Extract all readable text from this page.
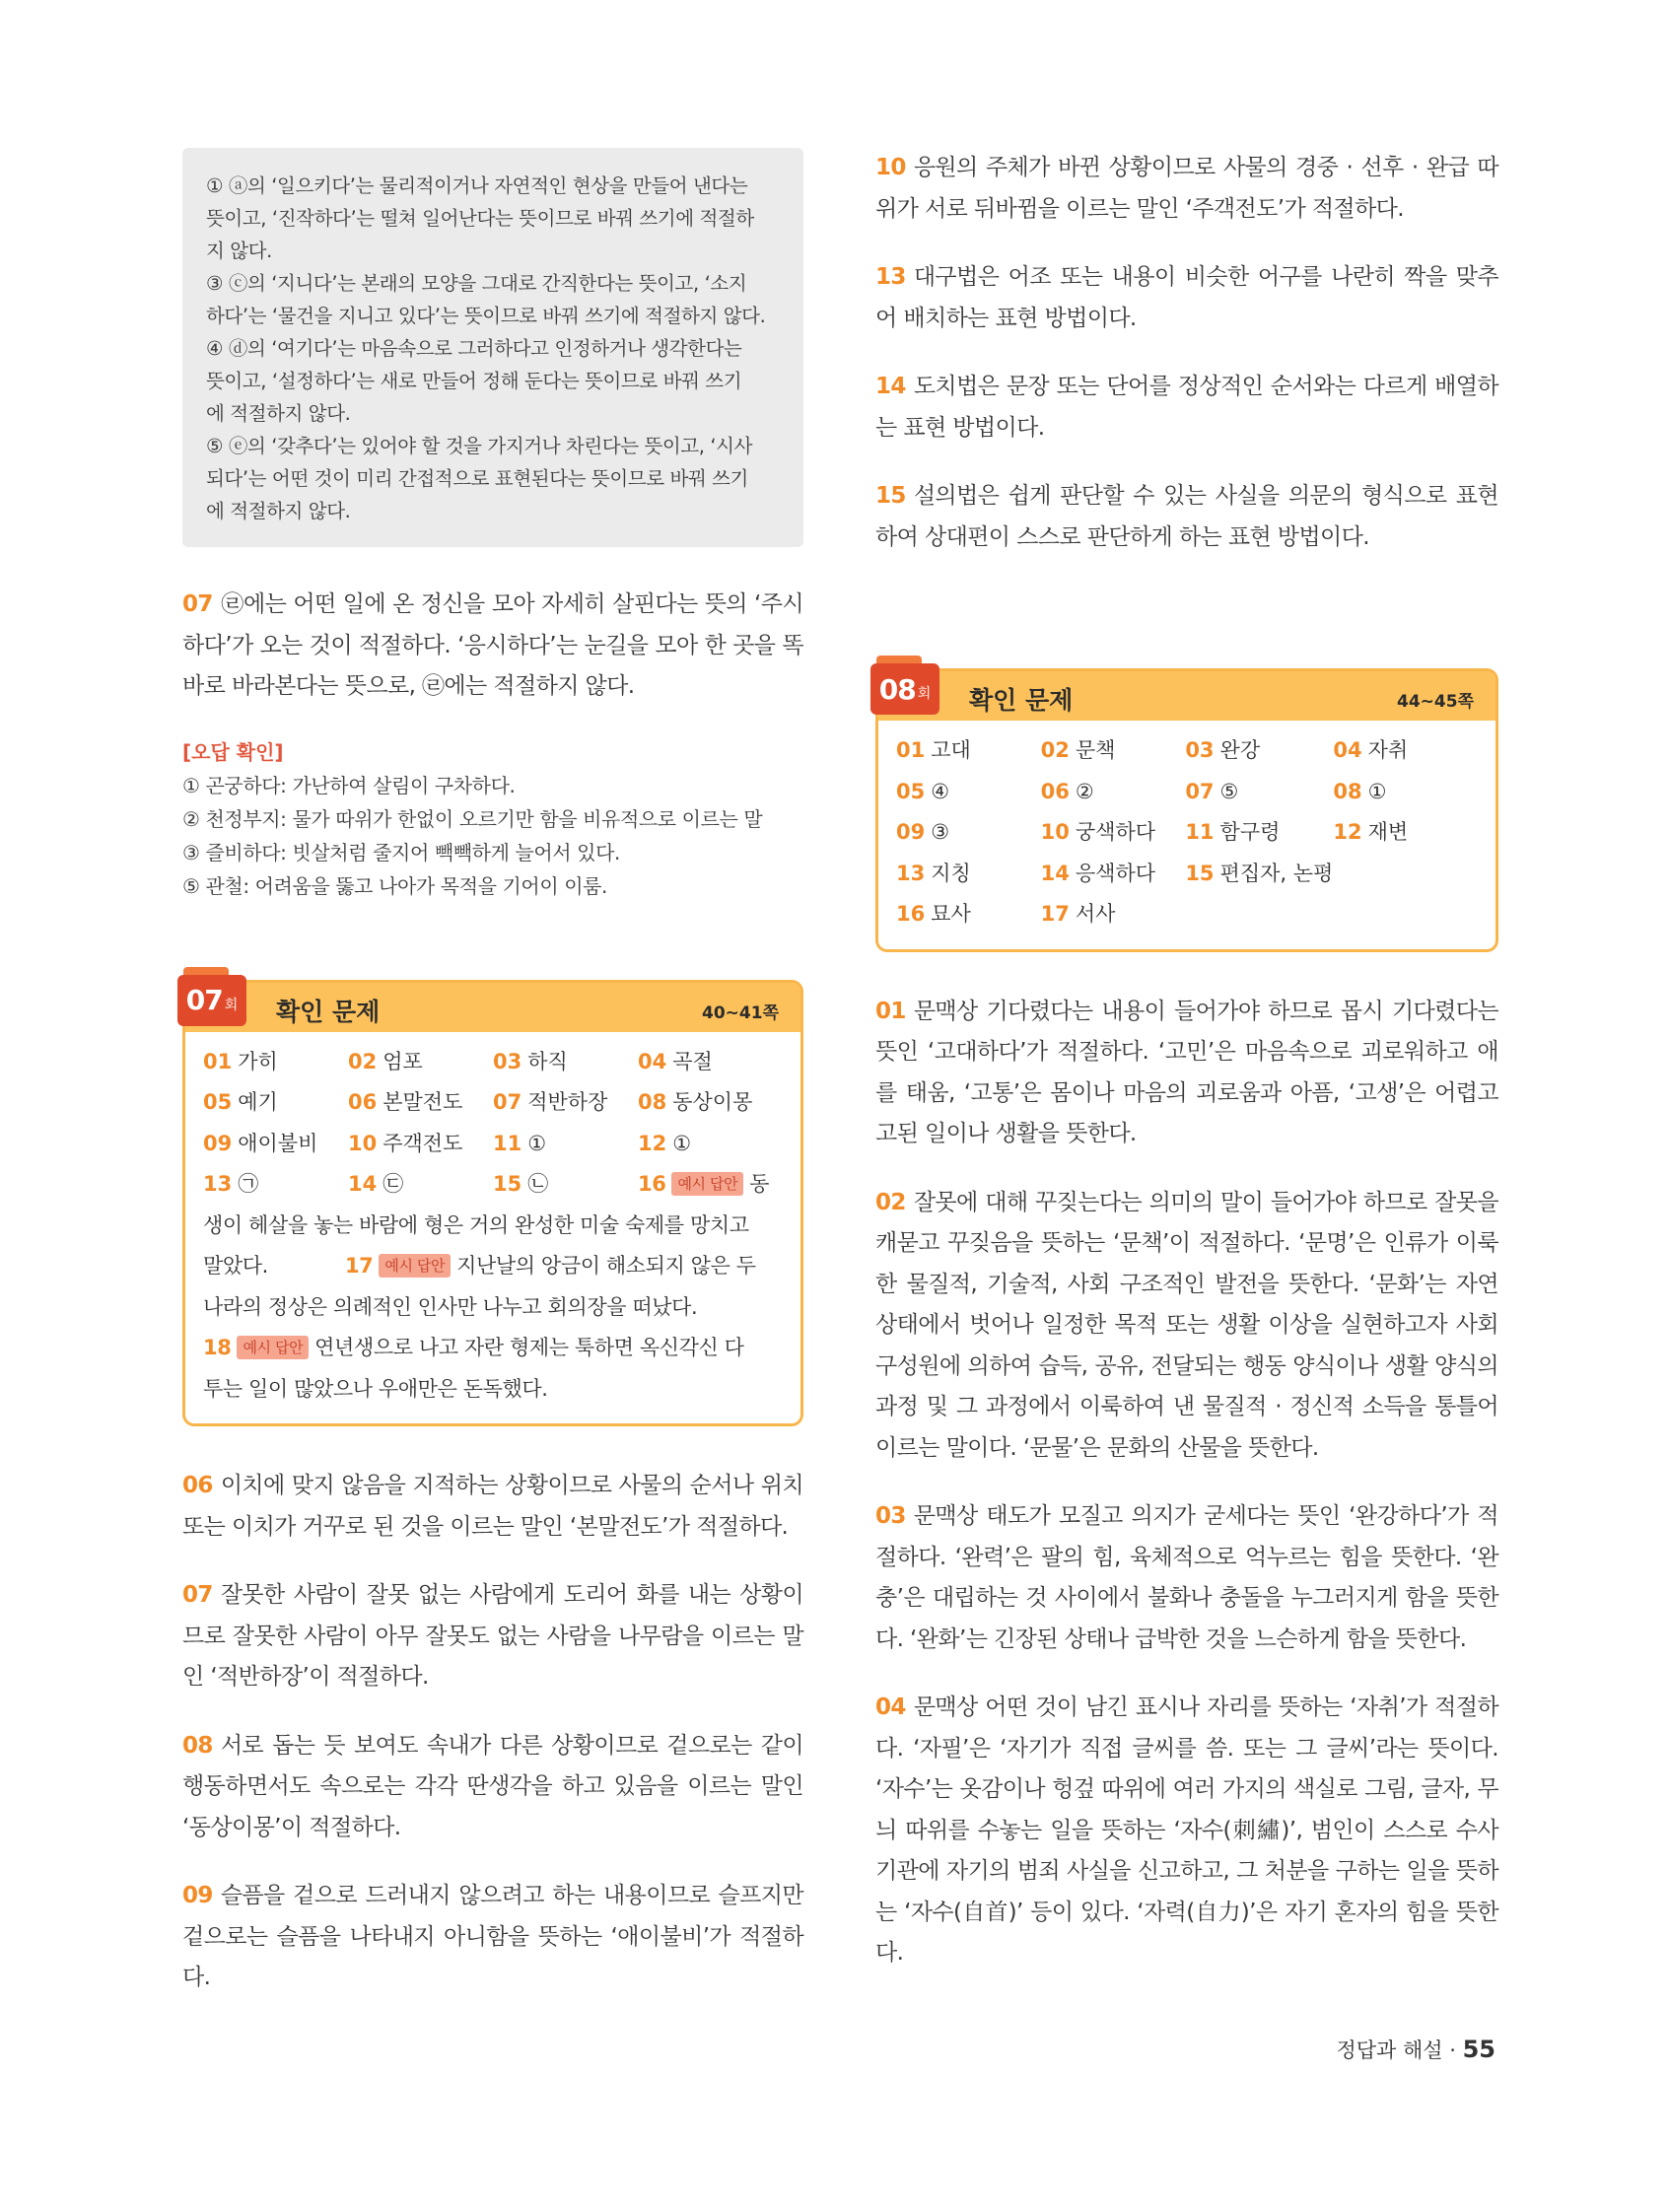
① ⓐ의 ‘일으키다’는 물리적이거나 자연적인 현상을 만들어 낸다는

뜻이고, ‘진작하다’는 떨쳐 일어난다는 뜻이므로 바꿔 쓰기에 적절하

지 않다.

③ ⓒ의 ‘지니다’는 본래의 모양을 그대로 간직한다는 뜻이고, ‘소지

하다’는 ‘물건을 지니고 있다’는 뜻이므로 바꿔 쓰기에 적절하지 않다.

④ ⓓ의 ‘여기다’는 마음속으로 그러하다고 인정하거나 생각한다는

뜻이고, ‘설정하다’는 새로 만들어 정해 둔다는 뜻이므로 바꿔 쓰기

에 적절하지 않다.

⑤ ⓔ의 ‘갖추다’는 있어야 할 것을 가지거나 차린다는 뜻이고, ‘시사

되다’는 어떤 것이 미리 간접적으로 표현된다는 뜻이므로 바꿔 쓰기

에 적절하지 않다.

07 ㉣에는 어떤 일에 온 정신을 모아 자세히 살핀다는 뜻의 ‘주시하다’가 오는 것이 적절하다. ‘응시하다’는 눈길을 모아 한 곳을 똑바로 바라본다는 뜻으로, ㉣에는 적절하지 않다.

[오답 확인]

① 곤궁하다: 가난하여 살림이 구차하다.

② 천정부지: 물가 따위가 한없이 오르기만 함을 비유적으로 이르는 말

③ 즐비하다: 빗살처럼 줄지어 빽빽하게 늘어서 있다.

⑤ 관철: 어려움을 뚫고 나아가 목적을 기어이 이룸.

07 회 확인 문제	40~41쪽
01 가히	02 엄포	03 하직	04 곡절
05 예기	06 본말전도	07 적반하장	08 동상이몽
09 애이불비	10 주객전도	11 ①	12 ①
13 ㉠	14 ㉢	15 ㉡	16 예시 답안 동

생이 헤살을 놓는 바람에 형은 거의 완성한 미술 숙제를 망치고

말았다.	17 예시 답안 지난날의 앙금이 해소되지 않은 두

나라의 정상은 의례적인 인사만 나누고 회의장을 떠났다.

18 예시 답안 연년생으로 나고 자란 형제는 툭하면 옥신각신 다

투는 일이 많았으나 우애만은 돈독했다.

06 이치에 맞지 않음을 지적하는 상황이므로 사물의 순서나 위치 또는 이치가 거꾸로 된 것을 이르는 말인 ‘본말전도’가 적절하다.

07 잘못한 사람이 잘못 없는 사람에게 도리어 화를 내는 상황이므로 잘못한 사람이 아무 잘못도 없는 사람을 나무람을 이르는 말인 ‘적반하장’이 적절하다.

08 서로 돕는 듯 보여도 속내가 다른 상황이므로 겉으로는 같이 행동하면서도 속으로는 각각 딴생각을 하고 있음을 이르는 말인 ‘동상이몽’이 적절하다.

09 슬픔을 겉으로 드러내지 않으려고 하는 내용이므로 슬프지만 겉으로는 슬픔을 나타내지 아니함을 뜻하는 ‘애이불비’가 적절하다.

10 응원의 주체가 바뀐 상황이므로 사물의 경중 · 선후 · 완급 따위가 서로 뒤바뀜을 이르는 말인 ‘주객전도’가 적절하다.

13 대구법은 어조 또는 내용이 비슷한 어구를 나란히 짝을 맞추어 배치하는 표현 방법이다.

14 도치법은 문장 또는 단어를 정상적인 순서와는 다르게 배열하는 표현 방법이다.

15 설의법은 쉽게 판단할 수 있는 사실을 의문의 형식으로 표현하여 상대편이 스스로 판단하게 하는 표현 방법이다.

08 회 확인 문제	44~45쪽
01 고대	02 문책	03 완강	04 자취
05 ④	06 ②	07 ⑤	08 ①
09 ③	10 궁색하다	11 함구령	12 재변
13 지칭	14 응색하다	15 편집자, 논평
16 묘사	17 서사

01 문맥상 기다렸다는 내용이 들어가야 하므로 몹시 기다렸다는 뜻인 ‘고대하다’가 적절하다. ‘고민’은 마음속으로 괴로워하고 애를 태움, ‘고통’은 몸이나 마음의 괴로움과 아픔, ‘고생’은 어렵고 고된 일이나 생활을 뜻한다.

02 잘못에 대해 꾸짖는다는 의미의 말이 들어가야 하므로 잘못을 캐묻고 꾸짖음을 뜻하는 ‘문책’이 적절하다. ‘문명’은 인류가 이룩한 물질적, 기술적, 사회 구조적인 발전을 뜻한다. ‘문화’는 자연 상태에서 벗어나 일정한 목적 또는 생활 이상을 실현하고자 사회 구성원에 의하여 습득, 공유, 전달되는 행동 양식이나 생활 양식의 과정 및 그 과정에서 이룩하여 낸 물질적 · 정신적 소득을 통틀어 이르는 말이다. ‘문물’은 문화의 산물을 뜻한다.

03 문맥상 태도가 모질고 의지가 굳세다는 뜻인 ‘완강하다’가 적절하다. ‘완력’은 팔의 힘, 육체적으로 억누르는 힘을 뜻한다. ‘완충’은 대립하는 것 사이에서 불화나 충돌을 누그러지게 함을 뜻한다. ‘완화’는 긴장된 상태나 급박한 것을 느슨하게 함을 뜻한다.

04 문맥상 어떤 것이 남긴 표시나 자리를 뜻하는 ‘자취’가 적절하다. ‘자필’은 ‘자기가 직접 글씨를 씀. 또는 그 글씨’라는 뜻이다. ‘자수’는 옷감이나 헝겊 따위에 여러 가지의 색실로 그림, 글자, 무늬 따위를 수놓는 일을 뜻하는 ‘자수(刺繡)’, 범인이 스스로 수사 기관에 자기의 범죄 사실을 신고하고, 그 처분을 구하는 일을 뜻하는 ‘자수(自首)’ 등이 있다. ‘자력(自力)’은 자기 혼자의 힘을 뜻한다.

정답과 해설 · 55
